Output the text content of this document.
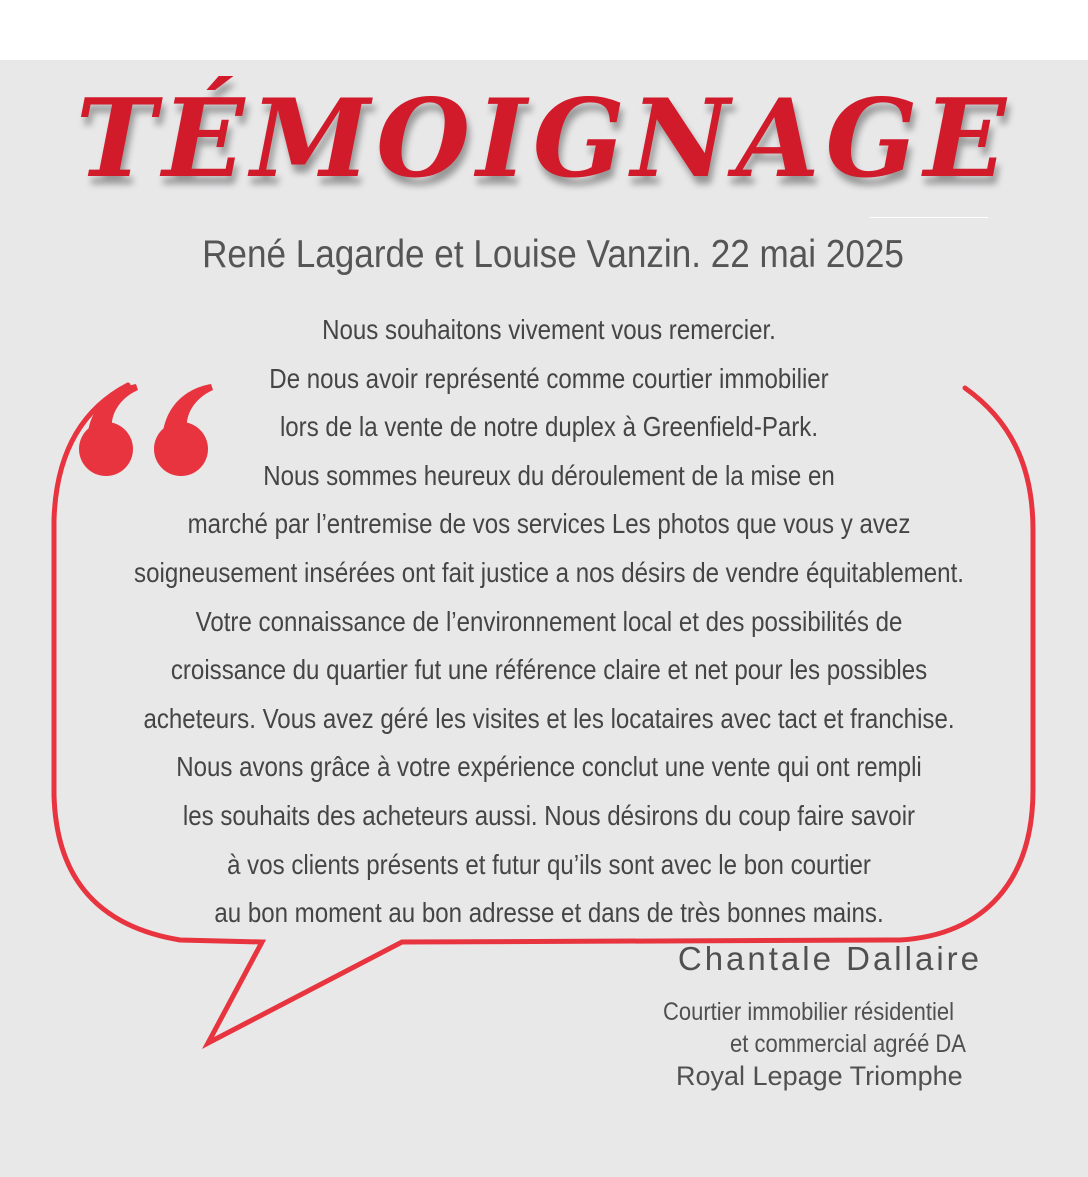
TÉMOIGNAGE
René Lagarde et Louise Vanzin. 22 mai 2025
Nous souhaitons vivement vous remercier.
De nous avoir représenté comme courtier immobilier
lors de la vente de notre duplex à Greenfield-Park.
Nous sommes heureux du déroulement de la mise en
marché par l’entremise de vos services Les photos que vous y avez
soigneusement insérées ont fait justice a nos désirs de vendre équitablement.
Votre connaissance de l’environnement local et des possibilités de
croissance du quartier fut une référence claire et net pour les possibles
acheteurs. Vous avez géré les visites et les locataires avec tact et franchise.
Nous avons grâce à votre expérience conclut une vente qui ont rempli
les souhaits des acheteurs aussi. Nous désirons du coup faire savoir
à vos clients présents et futur qu’ils sont avec le bon courtier
au bon moment au bon adresse et dans de très bonnes mains.
Chantale Dallaire
Courtier immobilier résidentiel
et commercial agréé DA
Royal Lepage Triomphe
